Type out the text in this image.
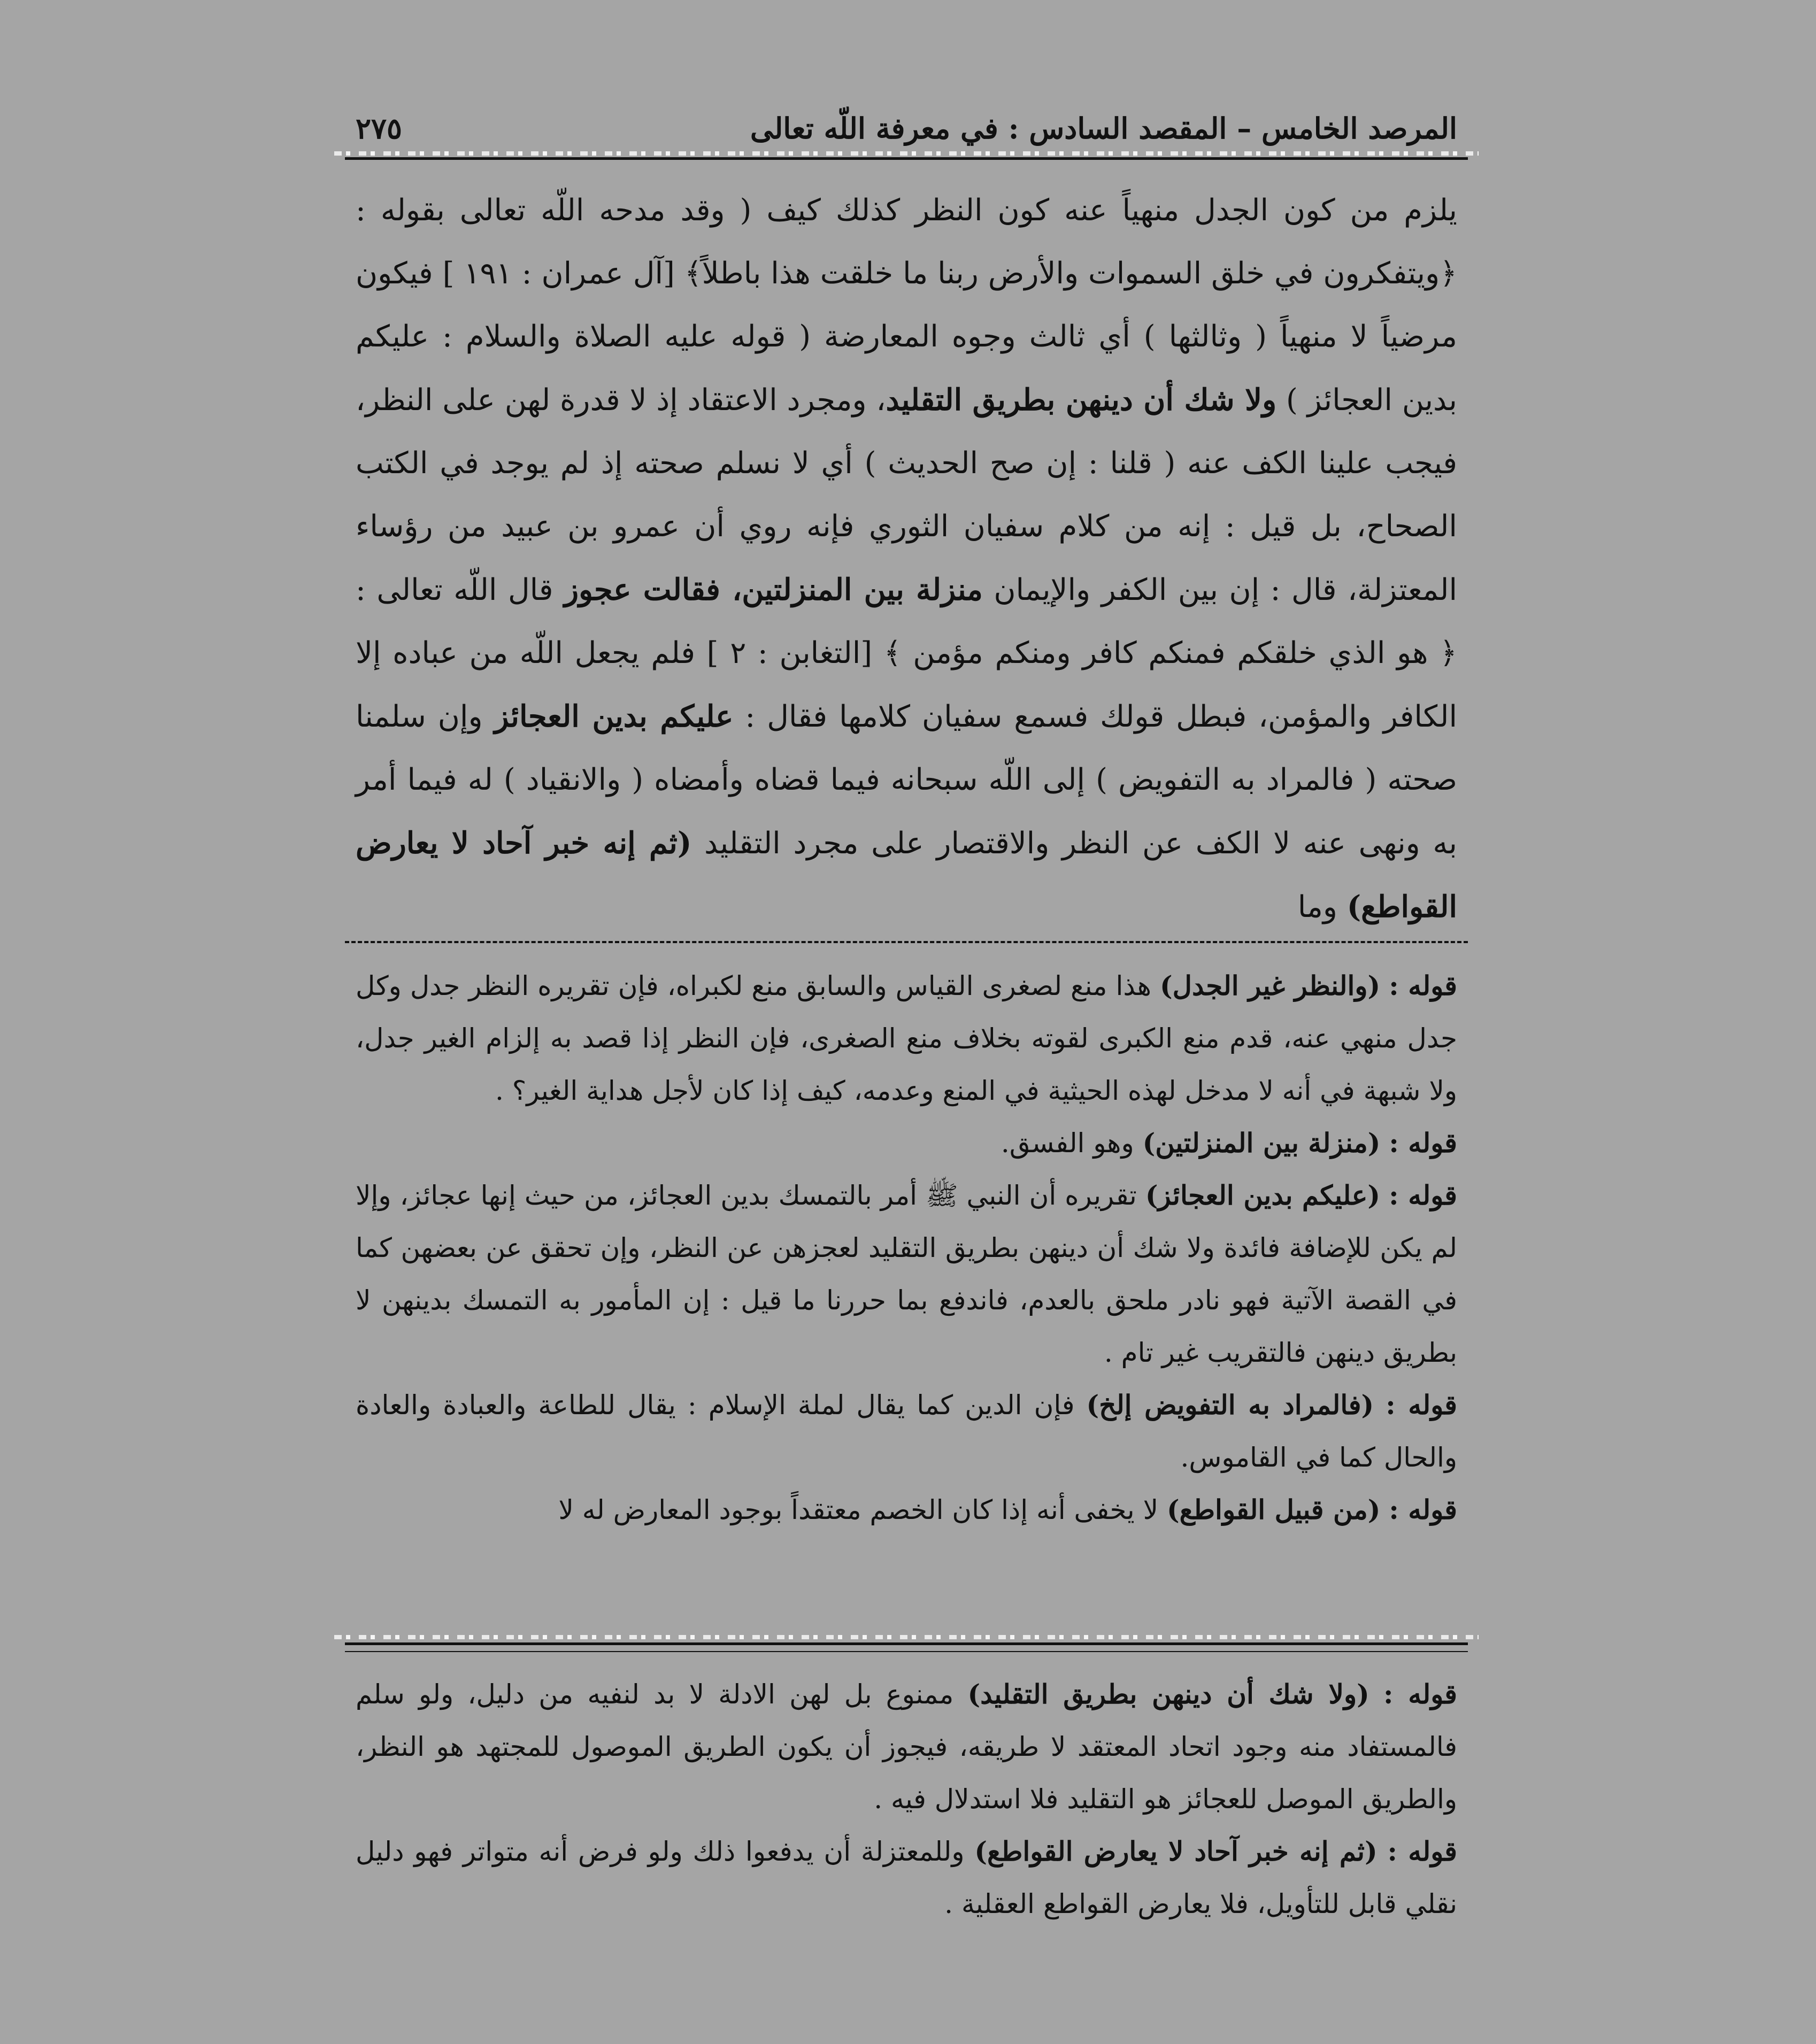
المرصد الخامس – المقصد السادس : في معرفة اللّه تعالى
٢٧٥
يلزم من كون الجدل منهياً عنه كون النظر كذلك كيف ( وقد مدحه اللّه تعالى بقوله : ﴿ويتفكرون في خلق السموات والأرض ربنا ما خلقت هذا باطلاً﴾ [آل عمران : ١٩١ ] فيكون مرضياً لا منهياً ( وثالثها ) أي ثالث وجوه المعارضة ( قوله عليه الصلاة والسلام : عليكم بدين العجائز ) ولا شك أن دينهن بطريق التقليد، ومجرد الاعتقاد إذ لا قدرة لهن على النظر، فيجب علينا الكف عنه ( قلنا : إن صح الحديث ) أي لا نسلم صحته إذ لم يوجد في الكتب الصحاح، بل قيل : إنه من كلام سفيان الثوري فإنه روي أن عمرو بن عبيد من رؤساء المعتزلة، قال : إن بين الكفر والإيمان منزلة بين المنزلتين، فقالت عجوز قال اللّه تعالى : ﴿ هو الذي خلقكم فمنكم كافر ومنكم مؤمن ﴾ [التغابن : ٢ ] فلم يجعل اللّه من عباده إلا الكافر والمؤمن، فبطل قولك فسمع سفيان كلامها فقال : عليكم بدين العجائز وإن سلمنا صحته ( فالمراد به التفويض ) إلى اللّه سبحانه فيما قضاه وأمضاه ( والانقياد ) له فيما أمر به ونهى عنه لا الكف عن النظر والاقتصار على مجرد التقليد (ثم إنه خبر آحاد لا يعارض القواطع) وما

قوله : (والنظر غير الجدل) هذا منع لصغرى القياس والسابق منع لكبراه، فإن تقريره النظر جدل وكل جدل منهي عنه، قدم منع الكبرى لقوته بخلاف منع الصغرى، فإن النظر إذا قصد به إلزام الغير جدل، ولا شبهة في أنه لا مدخل لهذه الحيثية في المنع وعدمه، كيف إذا كان لأجل هداية الغير؟ .

قوله : (منزلة بين المنزلتين) وهو الفسق.

قوله : (عليكم بدين العجائز) تقريره أن النبي ﷺ أمر بالتمسك بدين العجائز، من حيث إنها عجائز، وإلا لم يكن للإضافة فائدة ولا شك أن دينهن بطريق التقليد لعجزهن عن النظر، وإن تحقق عن بعضهن كما في القصة الآتية فهو نادر ملحق بالعدم، فاندفع بما حررنا ما قيل : إن المأمور به التمسك بدينهن لا بطريق دينهن فالتقريب غير تام .

قوله : (فالمراد به التفويض إلخ) فإن الدين كما يقال لملة الإسلام : يقال للطاعة والعبادة والعادة والحال كما في القاموس.

قوله : (من قبيل القواطع) لا يخفى أنه إذا كان الخصم معتقداً بوجود المعارض له لا

قوله : (ولا شك أن دينهن بطريق التقليد) ممنوع بل لهن الادلة لا بد لنفيه من دليل، ولو سلم فالمستفاد منه وجود اتحاد المعتقد لا طريقه، فيجوز أن يكون الطريق الموصول للمجتهد هو النظر، والطريق الموصل للعجائز هو التقليد فلا استدلال فيه .

قوله : (ثم إنه خبر آحاد لا يعارض القواطع) وللمعتزلة أن يدفعوا ذلك ولو فرض أنه متواتر فهو دليل نقلي قابل للتأويل، فلا يعارض القواطع العقلية .
